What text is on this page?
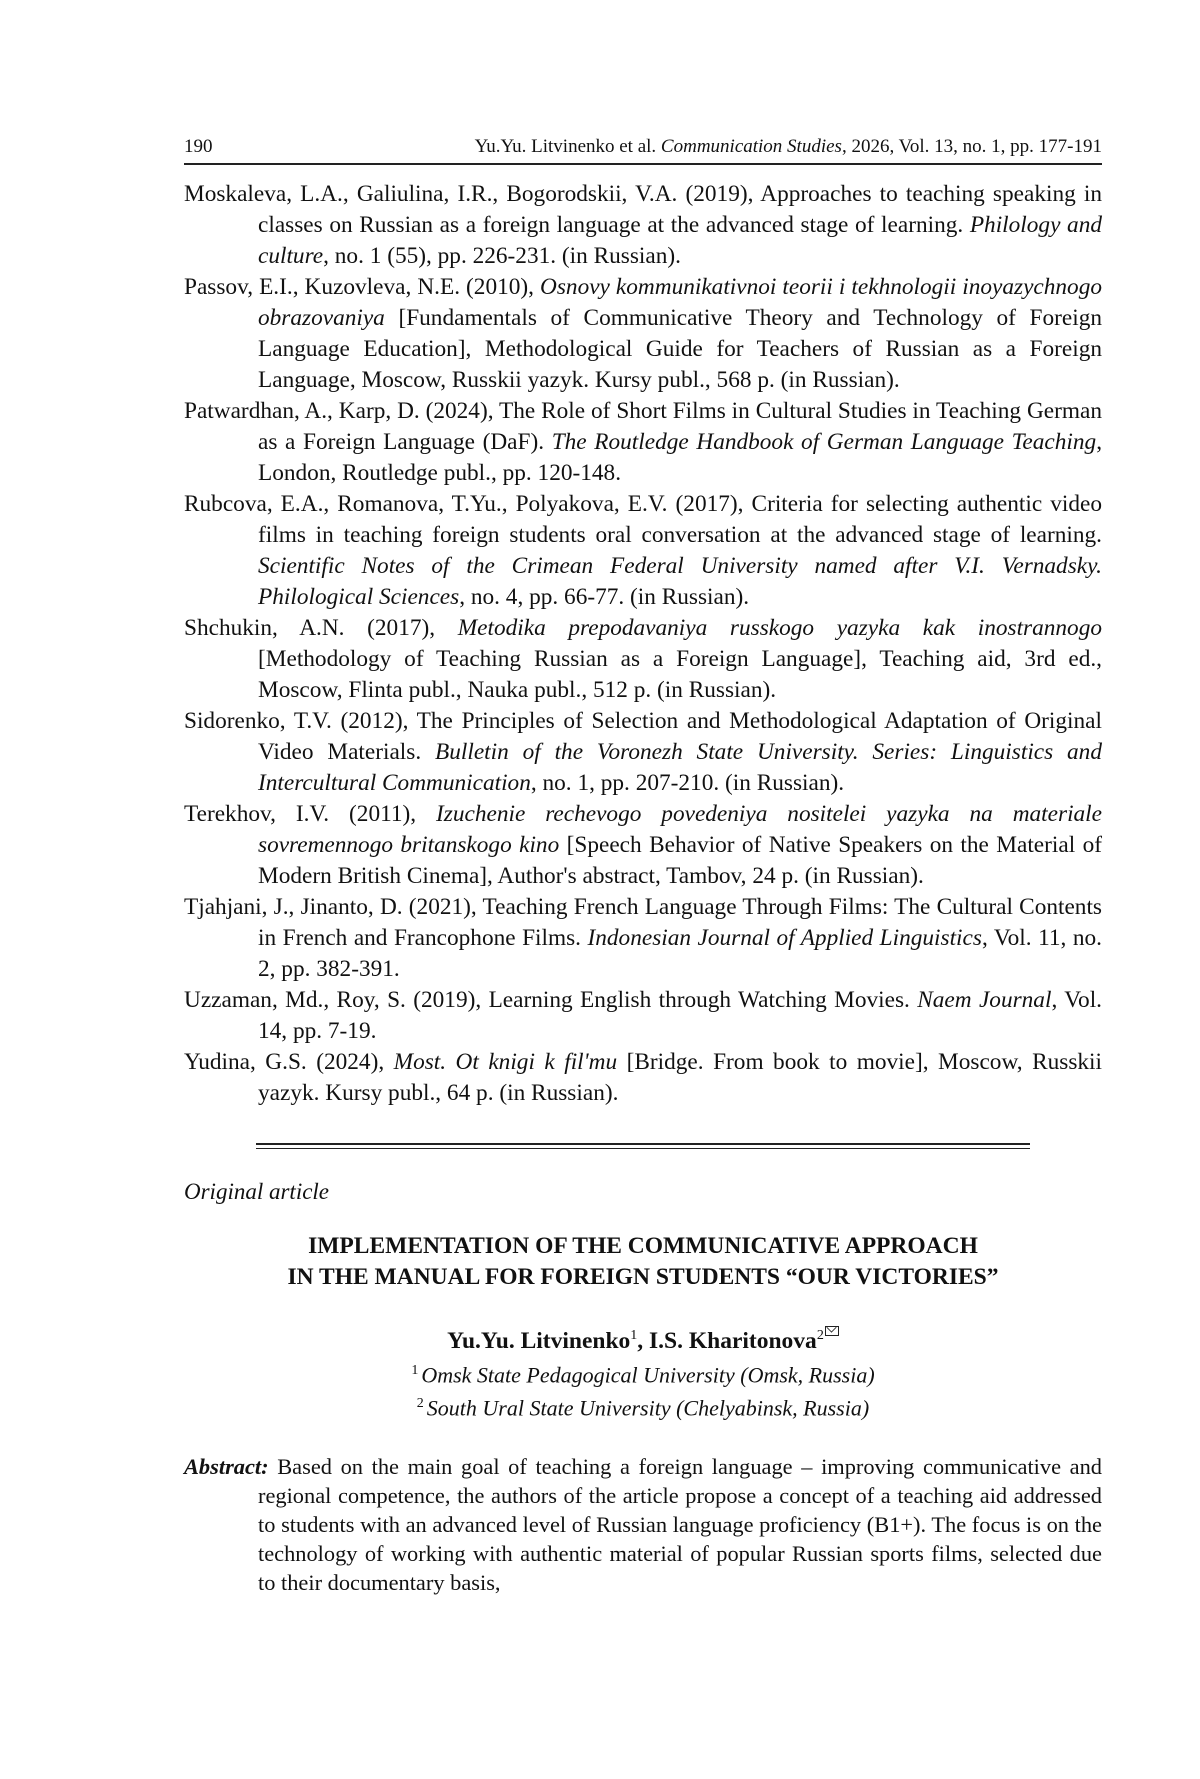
190	Yu.Yu. Litvinenko et al. Communication Studies, 2026, Vol. 13, no. 1, pp. 177-191

Moskaleva, L.A., Galiulina, I.R., Bogorodskii, V.A. (2019), Approaches to teaching speaking in classes on Russian as a foreign language at the advanced stage of learning. Philology and culture, no. 1 (55), pp. 226-231. (in Russian).

Passov, E.I., Kuzovleva, N.E. (2010), Osnovy kommunikativnoi teorii i tekhnologii inoyazychnogo obrazovaniya [Fundamentals of Communicative Theory and Technology of Foreign Language Education], Methodological Guide for Teachers of Russian as a Foreign Language, Moscow, Russkii yazyk. Kursy publ., 568 p. (in Russian).

Patwardhan, A., Karp, D. (2024), The Role of Short Films in Cultural Studies in Teaching German as a Foreign Language (DaF). The Routledge Handbook of German Language Teaching, London, Routledge publ., pp. 120-148.

Rubcova, E.A., Romanova, T.Yu., Polyakova, E.V. (2017), Criteria for selecting authentic video films in teaching foreign students oral conversation at the advanced stage of learning. Scientific Notes of the Crimean Federal University named after V.I. Vernadsky. Philological Sciences, no. 4, pp. 66-77. (in Russian).

Shchukin, A.N. (2017), Metodika prepodavaniya russkogo yazyka kak inostrannogo [Methodology of Teaching Russian as a Foreign Language], Teaching aid, 3rd ed., Moscow, Flinta publ., Nauka publ., 512 p. (in Russian).

Sidorenko, T.V. (2012), The Principles of Selection and Methodological Adaptation of Original Video Materials. Bulletin of the Voronezh State University. Series: Linguistics and Intercultural Communication, no. 1, pp. 207-210. (in Russian).

Terekhov, I.V. (2011), Izuchenie rechevogo povedeniya nositelei yazyka na materiale sovremennogo britanskogo kino [Speech Behavior of Native Speakers on the Material of Modern British Cinema], Author's abstract, Tambov, 24 p. (in Russian).

Tjahjani, J., Jinanto, D. (2021), Teaching French Language Through Films: The Cultural Contents in French and Francophone Films. Indonesian Journal of Applied Linguistics, Vol. 11, no. 2, pp. 382-391.

Uzzaman, Md., Roy, S. (2019), Learning English through Watching Movies. Naem Journal, Vol. 14, pp. 7-19.

Yudina, G.S. (2024), Most. Ot knigi k fil'mu [Bridge. From book to movie], Moscow, Russkii yazyk. Kursy publ., 64 p. (in Russian).

Original article
IMPLEMENTATION OF THE COMMUNICATIVE APPROACH
IN THE MANUAL FOR FOREIGN STUDENTS “OUR VICTORIES”
Yu.Yu. Litvinenko$^1$, I.S. Kharitonova$^2$
$^1$ Omsk State Pedagogical University (Omsk, Russia)
$^2$ South Ural State University (Chelyabinsk, Russia)

Abstract: Based on the main goal of teaching a foreign language – improving communicative and regional competence, the authors of the article propose a concept of a teaching aid addressed to students with an advanced level of Russian language proficiency (B1+). The focus is on the technology of working with authentic material of popular Russian sports films, selected due to their documentary basis,
